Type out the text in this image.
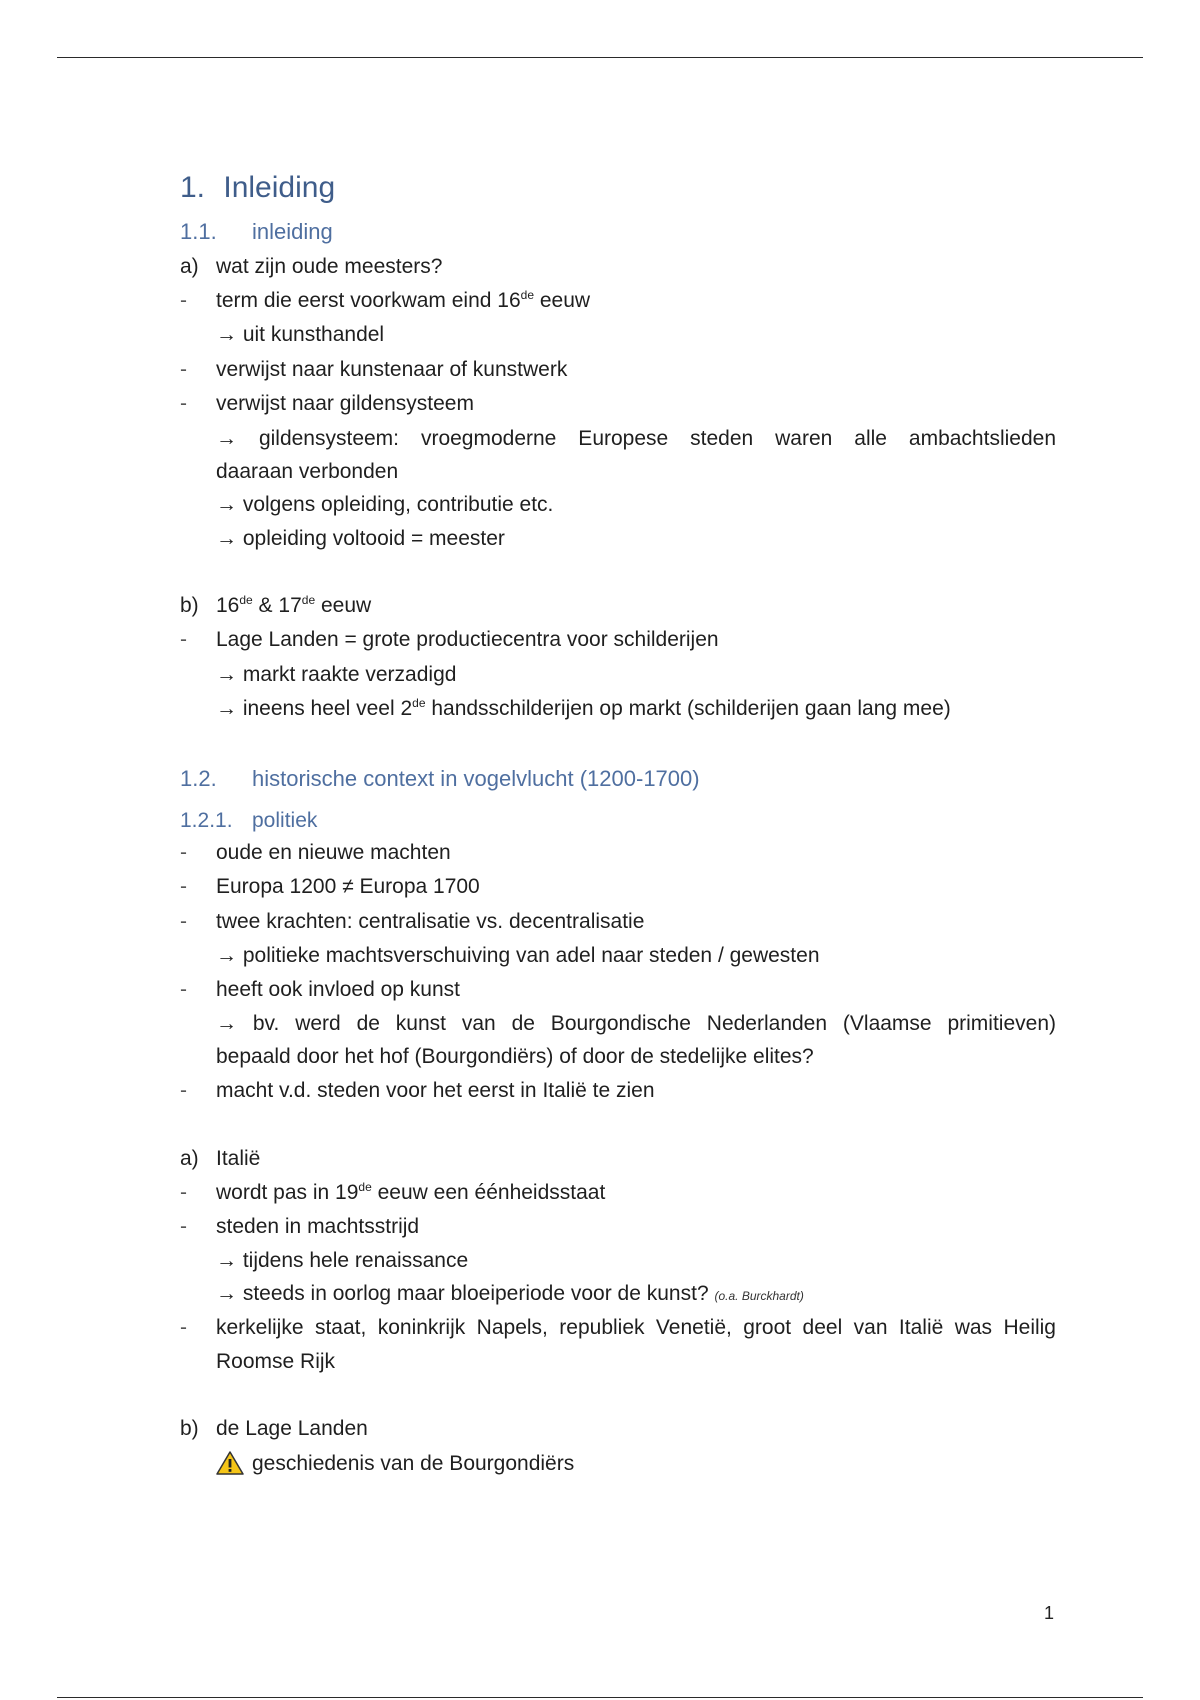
1. Inleiding
1.1. inleiding
a) wat zijn oude meesters?
- term die eerst voorkwam eind 16de eeuw
→ uit kunsthandel
- verwijst naar kunstenaar of kunstwerk
- verwijst naar gildensysteem
→ gildensysteem: vroegmoderne Europese steden waren alle ambachtslieden
daaraan verbonden
→ volgens opleiding, contributie etc.
→ opleiding voltooid = meester
b) 16de & 17de eeuw
- Lage Landen = grote productiecentra voor schilderijen
→ markt raakte verzadigd
→ ineens heel veel 2de handsschilderijen op markt (schilderijen gaan lang mee)
1.2. historische context in vogelvlucht (1200-1700)
1.2.1. politiek
- oude en nieuwe machten
- Europa 1200 ≠ Europa 1700
- twee krachten: centralisatie vs. decentralisatie
→ politieke machtsverschuiving van adel naar steden / gewesten
- heeft ook invloed op kunst
→ bv. werd de kunst van de Bourgondische Nederlanden (Vlaamse primitieven)
bepaald door het hof (Bourgondiërs) of door de stedelijke elites?
- macht v.d. steden voor het eerst in Italië te zien
a) Italië
- wordt pas in 19de eeuw een éénheidsstaat
- steden in machtsstrijd
→ tijdens hele renaissance
→ steeds in oorlog maar bloeiperiode voor de kunst? (o.a. Burckhardt)
- kerkelijke staat, koninkrijk Napels, republiek Venetië, groot deel van Italië was Heilig
Roomse Rijk
b) de Lage Landen
geschiedenis van de Bourgondiërs
1
